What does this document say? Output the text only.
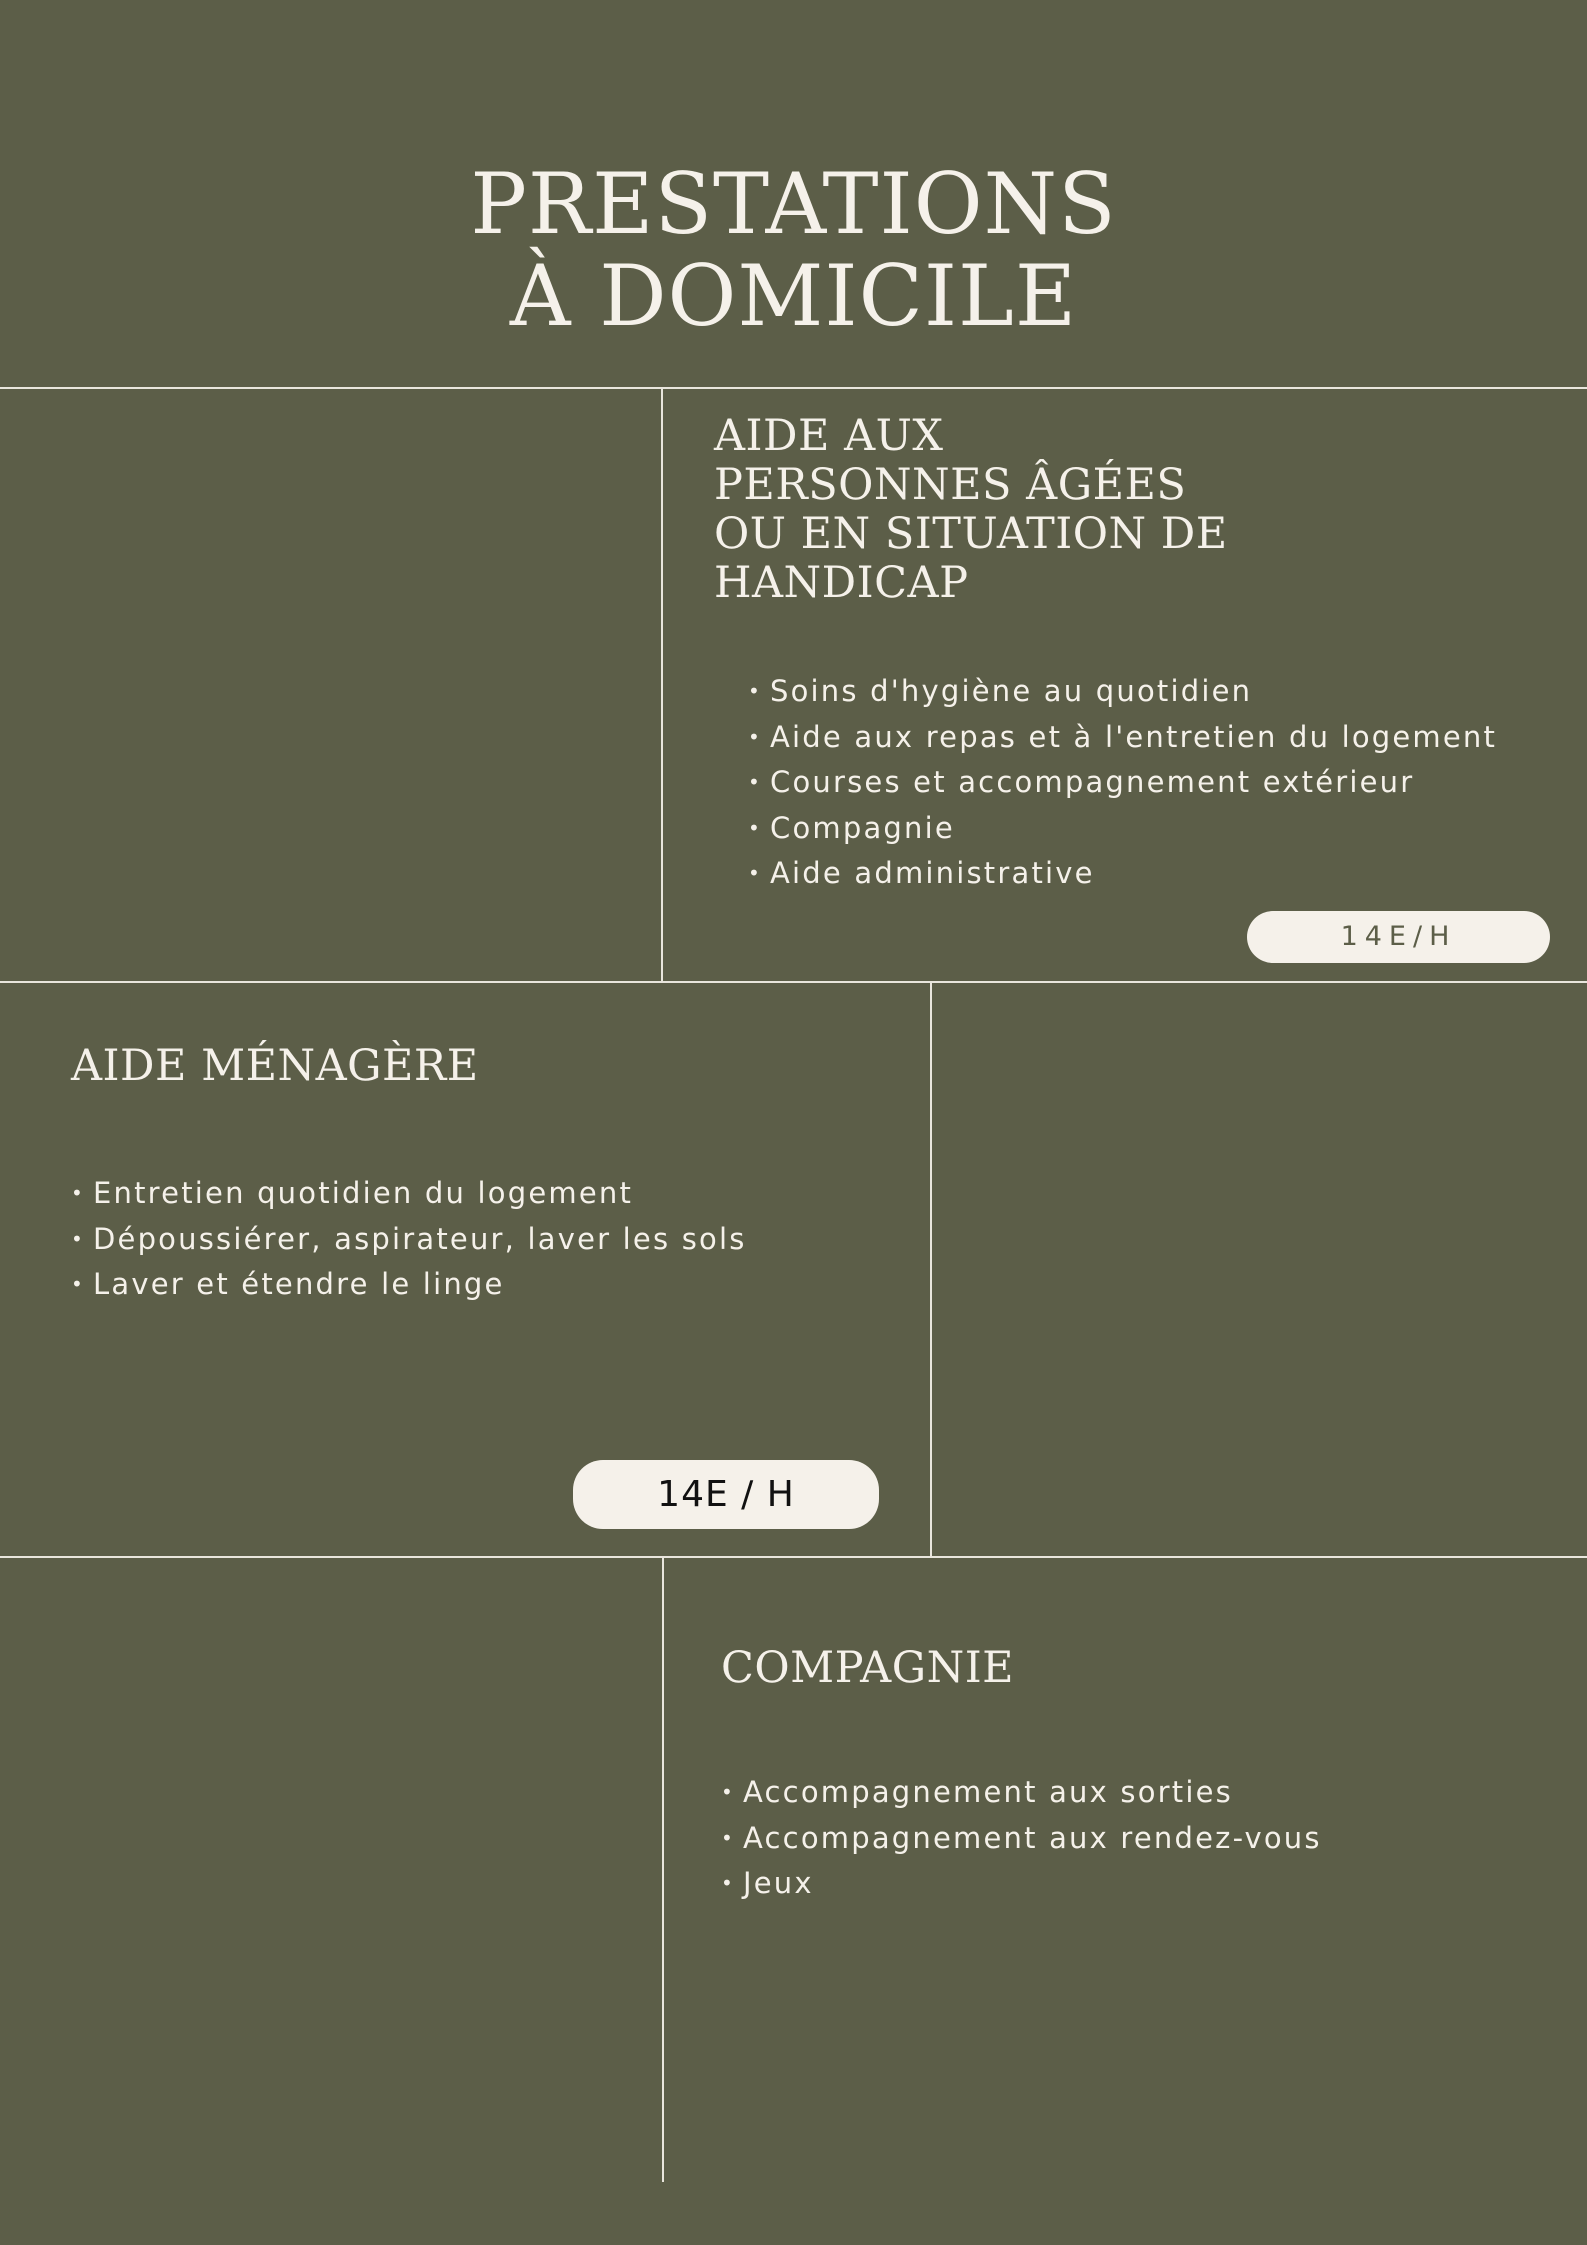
PRESTATIONS
À DOMICILE
AIDE AUX
PERSONNES ÂGÉES
OU EN SITUATION DE
HANDICAP
• Soins d'hygiène au quotidien
• Aide aux repas et à l'entretien du logement
• Courses et accompagnement extérieur
• Compagnie
• Aide administrative
14E/H
AIDE MÉNAGÈRE
• Entretien quotidien du logement
• Dépoussiérer, aspirateur, laver les sols
• Laver et étendre le linge
14E / H
COMPAGNIE
• Accompagnement aux sorties
• Accompagnement aux rendez-vous
• Jeux
